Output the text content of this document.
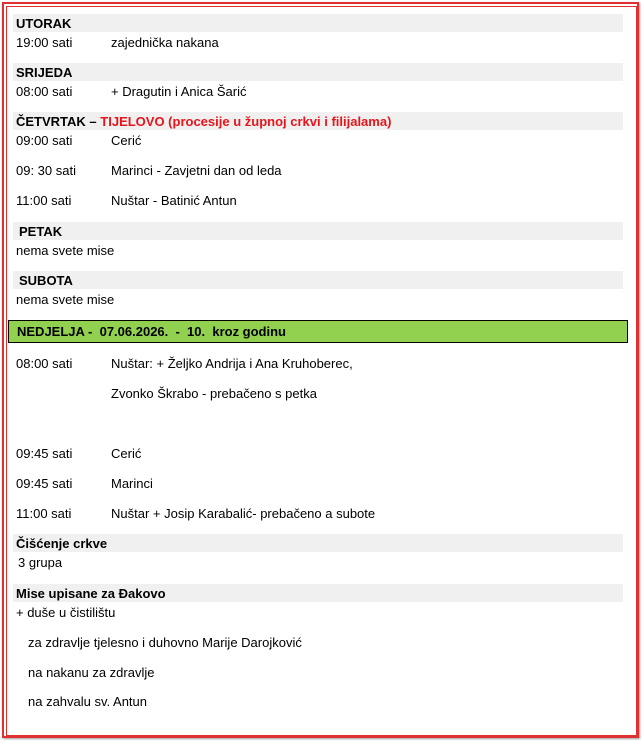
UTORAK
19:00 sati	zajednička nakana
SRIJEDA
08:00 sati	+ Dragutin i Anica Šarić
ČETVRTAK – TIJELOVO (procesije u župnoj crkvi i filijalama)
09:00 sati	Cerić
09: 30 sati	Marinci - Zavjetni dan od leda
11:00 sati	Nuštar - Batinić Antun
PETAK
nema svete mise
SUBOTA
nema svete mise
NEDJELJA -  07.06.2026.  -  10.  kroz godinu
08:00 sati	Nuštar: + Željko Andrija i Ana Kruhoberec,
Zvonko Škrabo - prebačeno s petka
09:45 sati	Cerić
09:45 sati	Marinci
11:00 sati	Nuštar + Josip Karabalić- prebačeno a subote
Čišćenje crkve
3 grupa
Mise upisane za Đakovo
+ duše u čistilištu
za zdravlje tjelesno i duhovno Marije Darojković
na nakanu za zdravlje
na zahvalu sv. Antun
